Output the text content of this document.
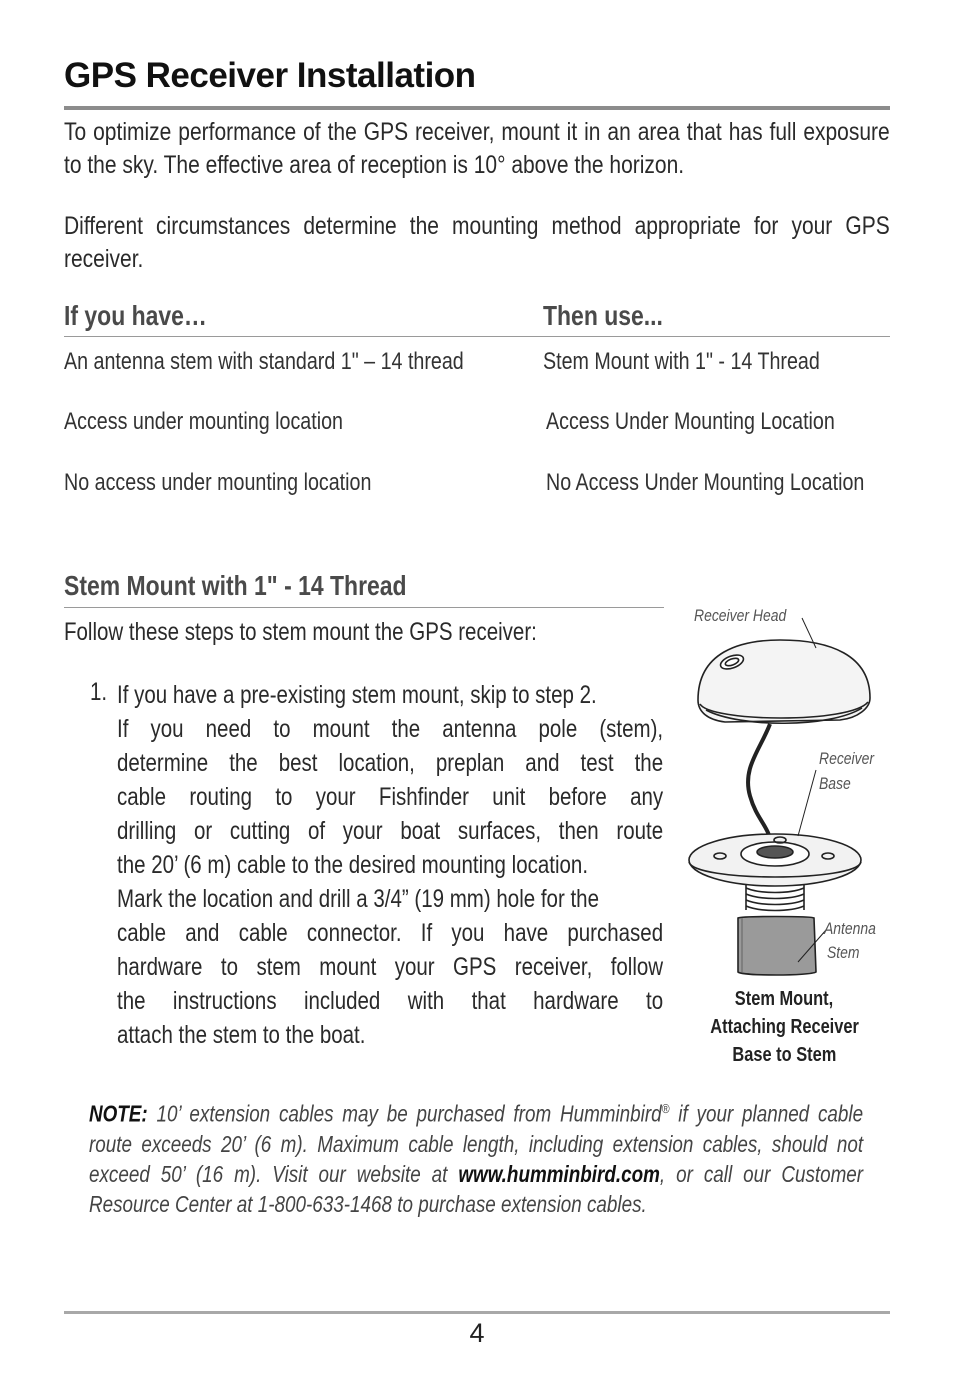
GPS Receiver Installation
To optimize performance of the GPS receiver, mount it in an area that has full exposure to the sky. The effective area of reception is 10° above the horizon.
Different circumstances determine the mounting method appropriate for your GPS receiver.
If you have…	Then use...
An antenna stem with standard 1" – 14 thread	Stem Mount with 1" - 14 Thread
Access under mounting location	Access Under Mounting Location
No access under mounting location	No Access Under Mounting Location
Stem Mount with 1" - 14 Thread
Follow these steps to stem mount the GPS receiver:
1. If you have a pre-existing stem mount, skip to step 2.
If you need to mount the antenna pole (stem),
determine the best location, preplan and test the
cable routing to your Fishfinder unit before any
drilling or cutting of your boat surfaces, then route
the 20’ (6 m) cable to the desired mounting location.
Mark the location and drill a 3/4” (19 mm) hole for the
cable and cable connector. If you have purchased
hardware to stem mount your GPS receiver, follow
the instructions included with that hardware to
attach the stem to the boat.
Receiver Head
Receiver
Base
Antenna
Stem
Stem Mount,
Attaching Receiver
Base to Stem
NOTE: 10’ extension cables may be purchased from Humminbird® if your planned cable route exceeds 20’ (6 m). Maximum cable length, including extension cables, should not exceed 50’ (16 m). Visit our website at www.humminbird.com, or call our Customer Resource Center at 1-800-633-1468 to purchase extension cables.
4
